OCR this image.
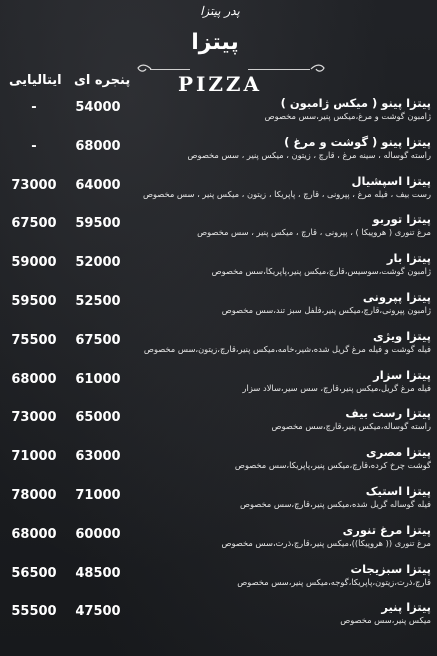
پدر پیتزا
پیتزا
PIZZA
ایتالیایی پنجره ای
-	54000	پیتزا پینو ( میکس ژامبون )
ژامبون گوشت و مرغ،میکس پنیر،سس مخصوص
-	68000	پیتزا پینو ( گوشت و مرغ )
راسته گوساله ، سینه مرغ ، قارچ ، زیتون ، میکس پنیر ، سس مخصوص
73000	64000	پیتزا اسپشیال
رست بیف ، فیله مرغ ، پپرونی ، قارچ ، پاپریکا ، زیتون ، میکس پنیر ، سس مخصوص
67500	59500	پیتزا توربو
مرغ تنوری ( هروپیکا ) ، پپرونی ، قارچ ، میکس پنیر ، سس مخصوص
59000	52000	پیتزا بار
ژامبون گوشت،سوسیس،قارچ،میکس پنیر،پاپریکا،سس مخصوص
59500	52500	پیتزا پپرونی
ژامبون پپرونی،قارچ،میکس پنیر،فلفل سبز تند،سس مخصوص
75500	67500	پیتزا ویژی
فیله گوشت و فیله مرغ گریل شده،شیر،خامه،میکس پنیر،قارچ،زیتون،سس مخصوص
68000	61000	پیتزا سزار
فیله مرغ گریل،میکس پنیر،قارچ، سس سیر،سالاد سزار
73000	65000	پیتزا رست بیف
راسته گوساله،میکس پنیر،قارچ،سس مخصوص
71000	63000	پیتزا مصری
گوشت چرخ کرده،قارچ،میکس پنیر،پاپریکا،سس مخصوص
78000	71000	پیتزا استیک
فیله گوساله گریل شده،میکس پنیر،قارچ،سس مخصوص
68000	60000	پیتزا مرغ تنوری
مرغ تنوری (( هروپیکا))،میکس پنیر،قارچ،ذرت،سس مخصوص
56500	48500	پیتزا سبزیجات
قارچ،ذرت،زیتون،پاپریکا،گوجه،میکس پنیر،سس مخصوص
55500	47500	پیتزا پنیر
میکس پنیر،سس مخصوص
